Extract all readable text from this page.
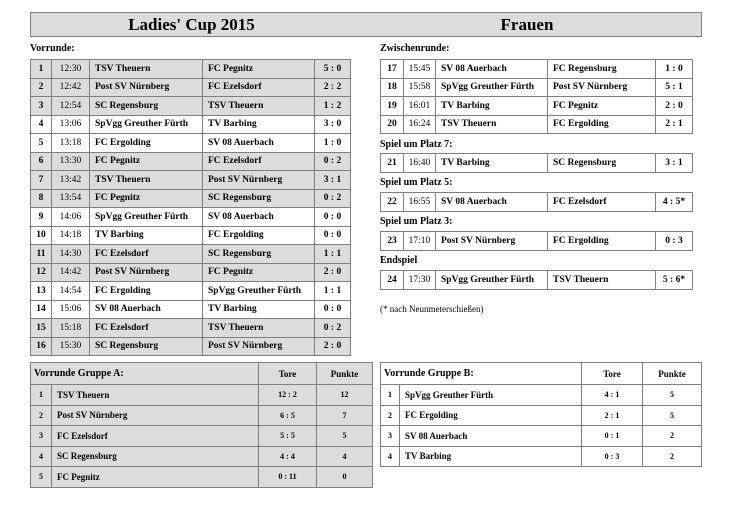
Ladies' Cup 2015	Frauen
Vorrunde:
1	12:30	TSV Theuern	FC Pegnitz	5 : 0
2	12:42	Post SV Nürnberg	FC Ezelsdorf	2 : 2
3	12:54	SC Regensburg	TSV Theuern	1 : 2
4	13:06	SpVgg Greuther Fürth	TV Barbing	3 : 0
5	13:18	FC Ergolding	SV 08 Auerbach	1 : 0
6	13:30	FC Pegnitz	FC Ezelsdorf	0 : 2
7	13:42	TSV Theuern	Post SV Nürnberg	3 : 1
8	13:54	FC Pegnitz	SC Regensburg	0 : 2
9	14:06	SpVgg Greuther Fürth	SV 08 Auerbach	0 : 0
10	14:18	TV Barbing	FC Ergolding	0 : 0
11	14:30	FC Ezelsdorf	SC Regensburg	1 : 1
12	14:42	Post SV Nürnberg	FC Pegnitz	2 : 0
13	14:54	FC Ergolding	SpVgg Greuther Fürth	1 : 1
14	15:06	SV 08 Auerbach	TV Barbing	0 : 0
15	15:18	FC Ezelsdorf	TSV Theuern	0 : 2
16	15:30	SC Regensburg	Post SV Nürnberg	2 : 0
Zwischenrunde:
17	15:45	SV 08 Auerbach	FC Regensburg	1 : 0
18	15:58	SpVgg Greuther Fürth	Post SV Nürnberg	5 : 1
19	16:01	TV Barbing	FC Pegnitz	2 : 0
20	16:24	TSV Theuern	FC Ergolding	2 : 1
Spiel um Platz 7:
21	16:40	TV Barbing	SC Regensburg	3 : 1
Spiel um Platz 5:
22	16:55	SV 08 Auerbach	FC Ezelsdorf	4 : 5*
Spiel um Platz 3:
23	17:10	Post SV Nürnberg	FC Ergolding	0 : 3
Endspiel
24	17:30	SpVgg Greuther Fürth	TSV Theuern	5 : 6*
(* nach Neunmeterschießen)
Vorrunde Gruppe A:		Tore	Punkte
1	TSV Theuern	12 : 2	12
2	Post SV Nürnberg	6 : 5	7
3	FC Ezelsdorf	5 : 5	5
4	SC Regensburg	4 : 4	4
5	FC Pegnitz	0 : 11	0
Vorrunde Gruppe B:		Tore	Punkte
1	SpVgg Greuther Fürth	4 : 1	5
2	FC Ergolding	2 : 1	5
3	SV 08 Auerbach	0 : 1	2
4	TV Barbing	0 : 3	2
